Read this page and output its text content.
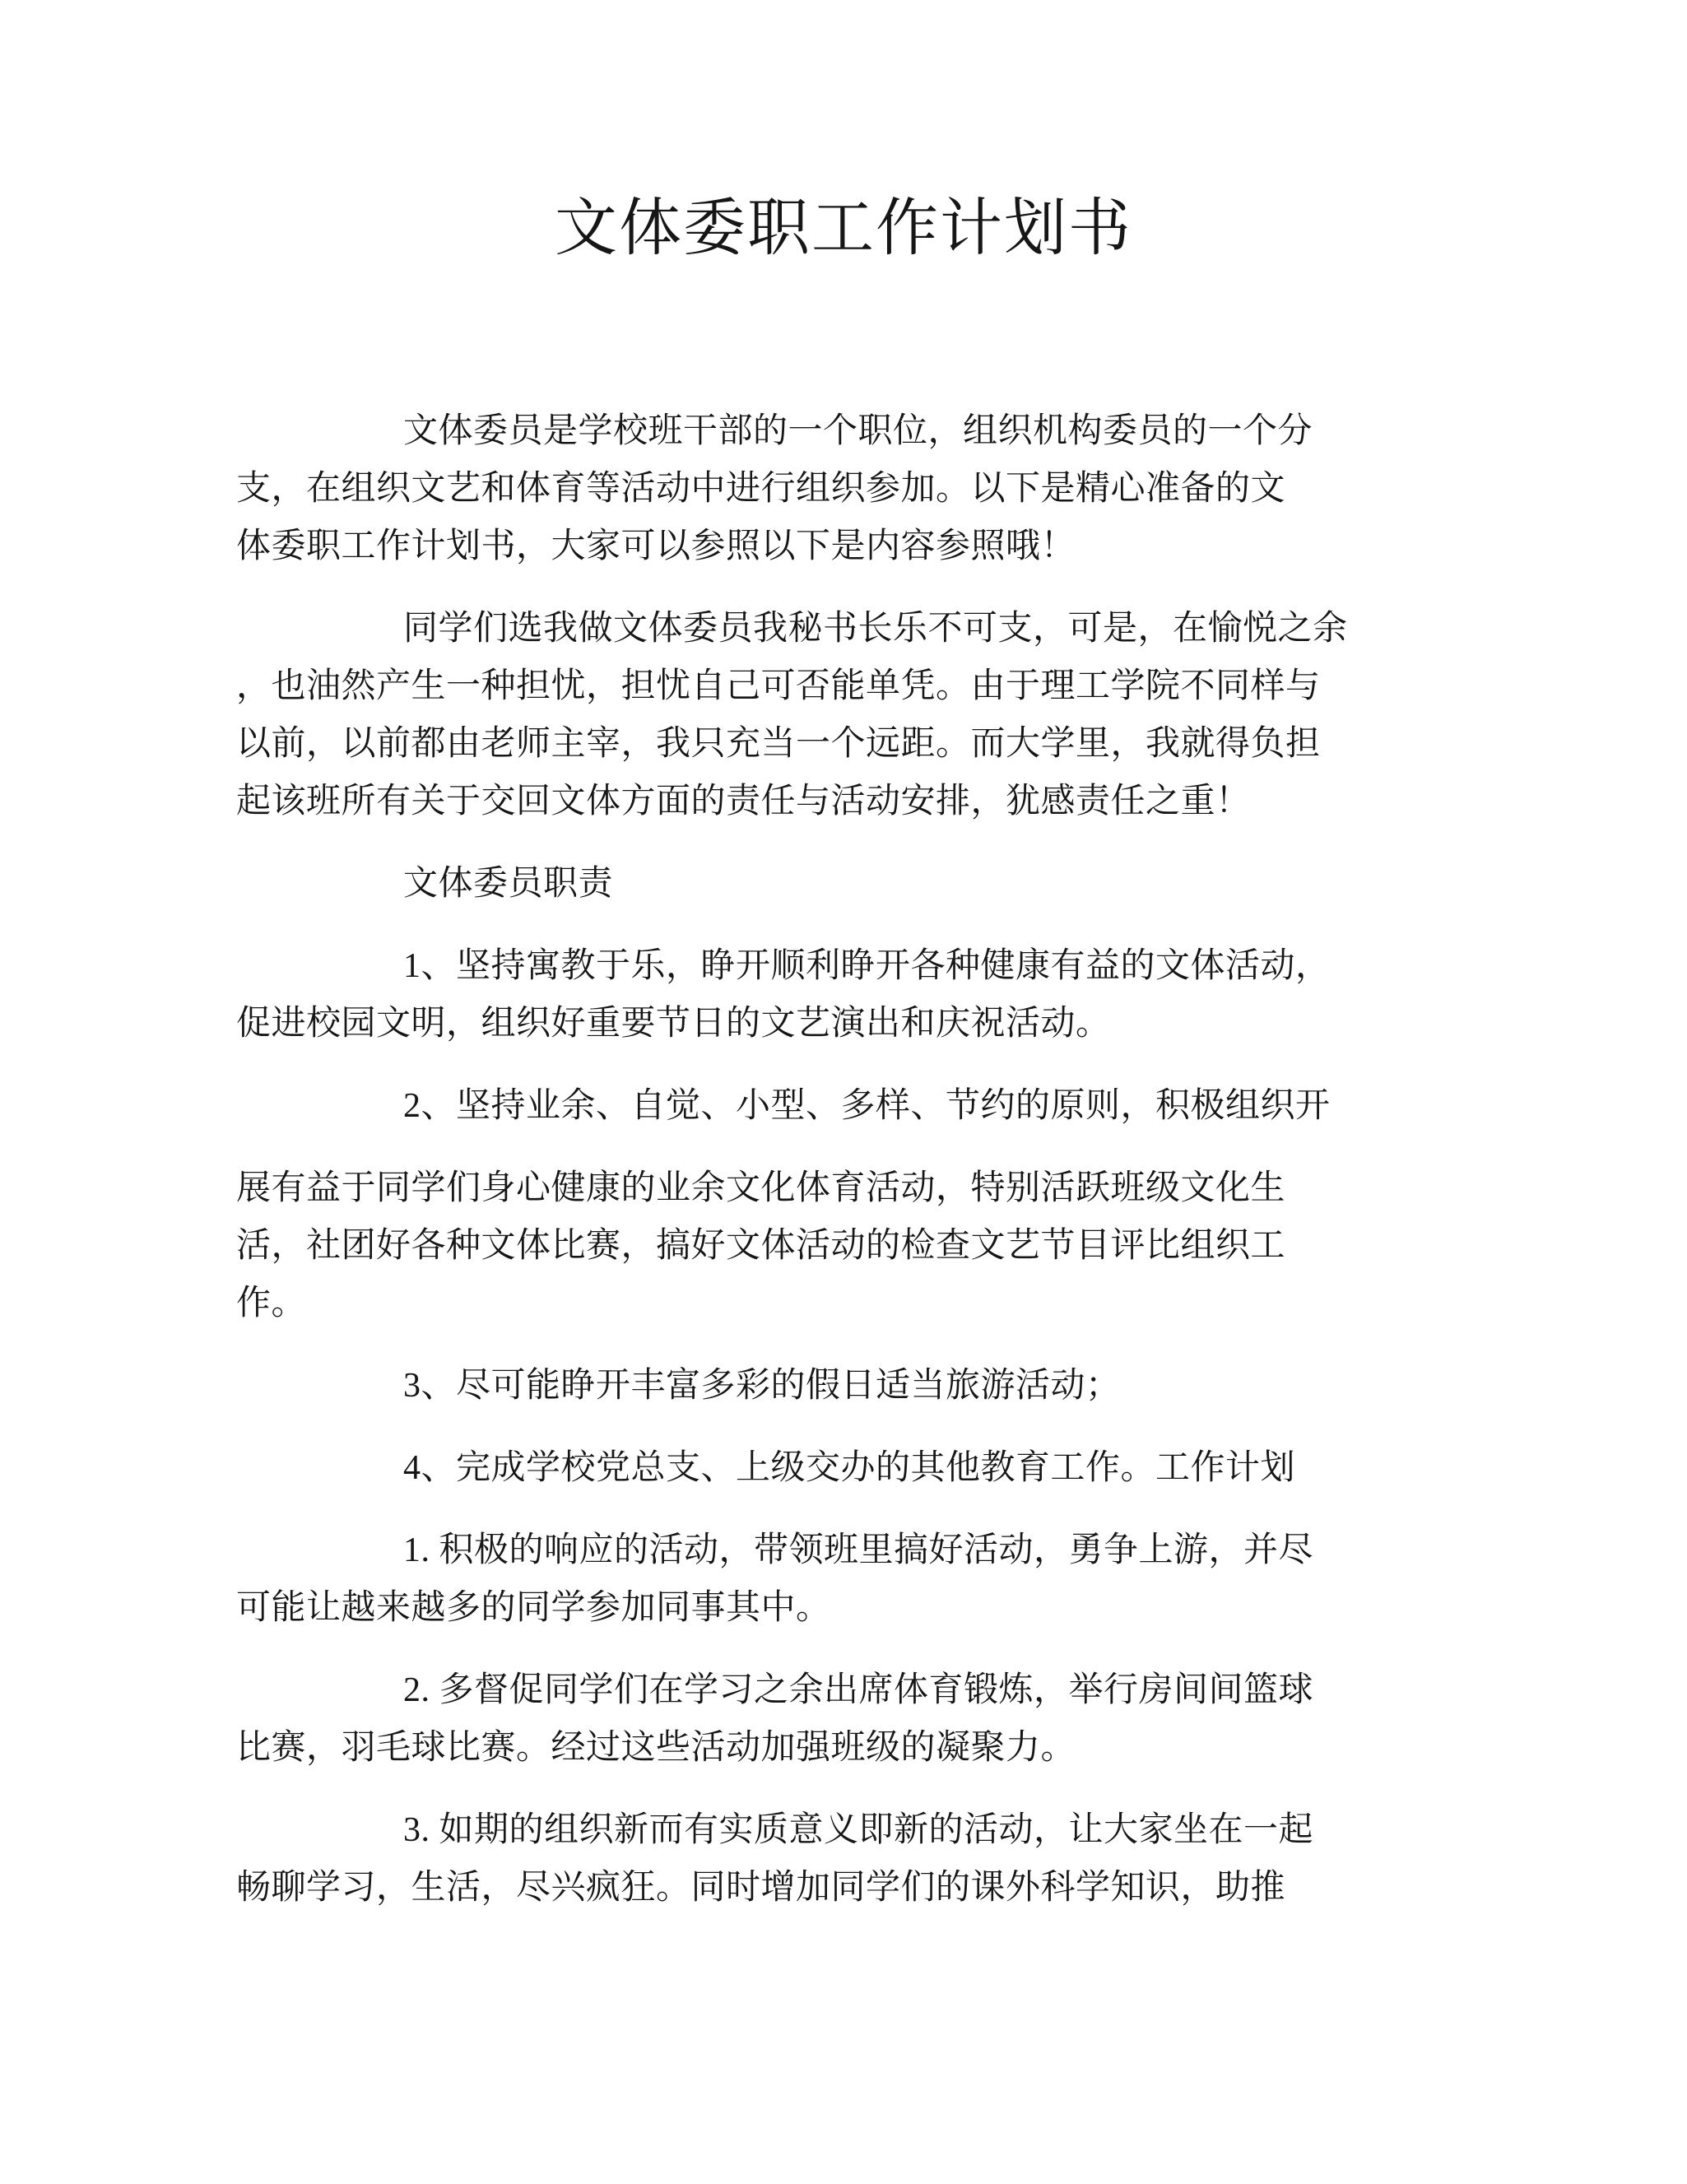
文体委职工作计划书

文体委员是学校班干部的一个职位，组织机构委员的一个分
支，在组织文艺和体育等活动中进行组织参加。以下是精心准备的文
体委职工作计划书，大家可以参照以下是内容参照哦！

同学们选我做文体委员我秘书长乐不可支，可是，在愉悦之余
，也油然产生一种担忧，担忧自己可否能单凭。由于理工学院不同样与
以前，以前都由老师主宰，我只充当一个远距。而大学里，我就得负担
起该班所有关于交回文体方面的责任与活动安排，犹感责任之重！

文体委员职责

1、坚持寓教于乐，睁开顺利睁开各种健康有益的文体活动，
促进校园文明，组织好重要节日的文艺演出和庆祝活动。

2、坚持业余、自觉、小型、多样、节约的原则，积极组织开

展有益于同学们身心健康的业余文化体育活动，特别活跃班级文化生
活，社团好各种文体比赛，搞好文体活动的检查文艺节目评比组织工
作。

3、尽可能睁开丰富多彩的假日适当旅游活动；

4、完成学校党总支、上级交办的其他教育工作。工作计划

1. 积极的响应的活动，带领班里搞好活动，勇争上游，并尽
可能让越来越多的同学参加同事其中。

2. 多督促同学们在学习之余出席体育锻炼，举行房间间篮球
比赛，羽毛球比赛。经过这些活动加强班级的凝聚力。

3. 如期的组织新而有实质意义即新的活动，让大家坐在一起
畅聊学习，生活，尽兴疯狂。同时增加同学们的课外科学知识，助推
